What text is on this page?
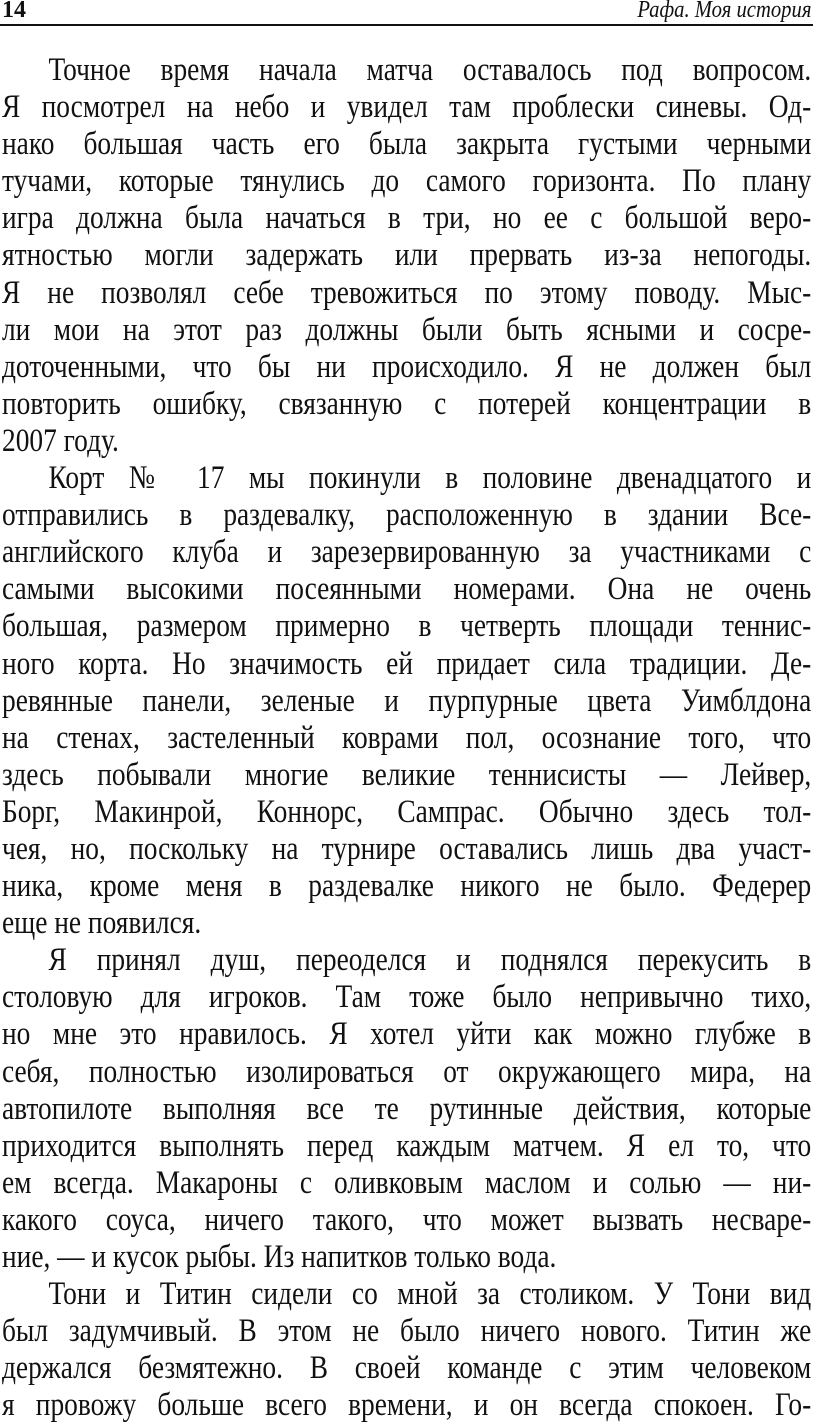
14	Рафа. Моя история
Точное время начала матча оставалось под вопросом.
Я посмотрел на небо и увидел там проблески синевы. Од-
нако большая часть его была закрыта густыми черными
тучами, которые тянулись до самого горизонта. По плану
игра должна была начаться в три, но ее с большой веро-
ятностью могли задержать или прервать из-за непогоды.
Я не позволял себе тревожиться по этому поводу. Мыс-
ли мои на этот раз должны были быть ясными и сосре-
доточенными, что бы ни происходило. Я не должен был
повторить ошибку, связанную с потерей концентрации в
2007 году.
Корт № 17 мы покинули в половине двенадцатого и
отправились в раздевалку, расположенную в здании Все-
английского клуба и зарезервированную за участниками с
самыми высокими посеянными номерами. Она не очень
большая, размером примерно в четверть площади теннис-
ного корта. Но значимость ей придает сила традиции. Де-
ревянные панели, зеленые и пурпурные цвета Уимблдона
на стенах, застеленный коврами пол, осознание того, что
здесь побывали многие великие теннисисты — Лейвер,
Борг, Макинрой, Коннорс, Сампрас. Обычно здесь тол-
чея, но, поскольку на турнире оставались лишь два участ-
ника, кроме меня в раздевалке никого не было. Федерер
еще не появился.
Я принял душ, переоделся и поднялся перекусить в
столовую для игроков. Там тоже было непривычно тихо,
но мне это нравилось. Я хотел уйти как можно глубже в
себя, полностью изолироваться от окружающего мира, на
автопилоте выполняя все те рутинные действия, которые
приходится выполнять перед каждым матчем. Я ел то, что
ем всегда. Макароны с оливковым маслом и солью — ни-
какого соуса, ничего такого, что может вызвать несваре-
ние, — и кусок рыбы. Из напитков только вода.
Тони и Титин сидели со мной за столиком. У Тони вид
был задумчивый. В этом не было ничего нового. Титин же
держался безмятежно. В своей команде с этим человеком
я провожу больше всего времени, и он всегда спокоен. Го-
